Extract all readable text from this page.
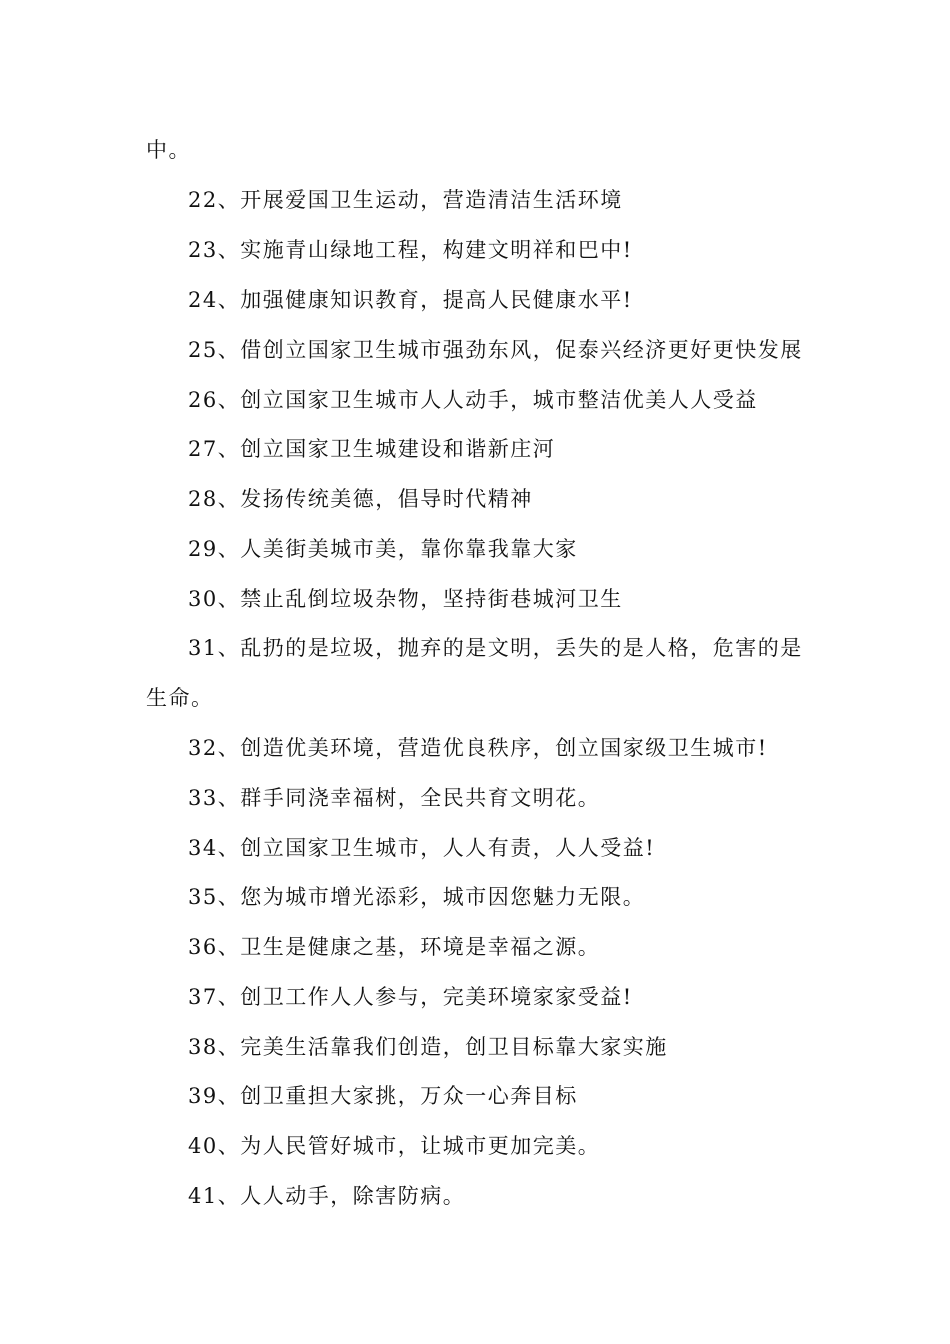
中。
22、开展爱国卫生运动，营造清洁生活环境
23、实施青山绿地工程，构建文明祥和巴中!
24、加强健康知识教育，提高人民健康水平!
25、借创立国家卫生城市强劲东风，促泰兴经济更好更快发展
26、创立国家卫生城市人人动手，城市整洁优美人人受益
27、创立国家卫生城建设和谐新庄河
28、发扬传统美德，倡导时代精神
29、人美街美城市美，靠你靠我靠大家
30、禁止乱倒垃圾杂物，坚持街巷城河卫生
31、乱扔的是垃圾，抛弃的是文明，丢失的是人格，危害的是
生命。
32、创造优美环境，营造优良秩序，创立国家级卫生城市!
33、群手同浇幸福树，全民共育文明花。
34、创立国家卫生城市，人人有责，人人受益!
35、您为城市增光添彩，城市因您魅力无限。
36、卫生是健康之基，环境是幸福之源。
37、创卫工作人人参与，完美环境家家受益!
38、完美生活靠我们创造，创卫目标靠大家实施
39、创卫重担大家挑，万众一心奔目标
40、为人民管好城市，让城市更加完美。
41、人人动手，除害防病。
